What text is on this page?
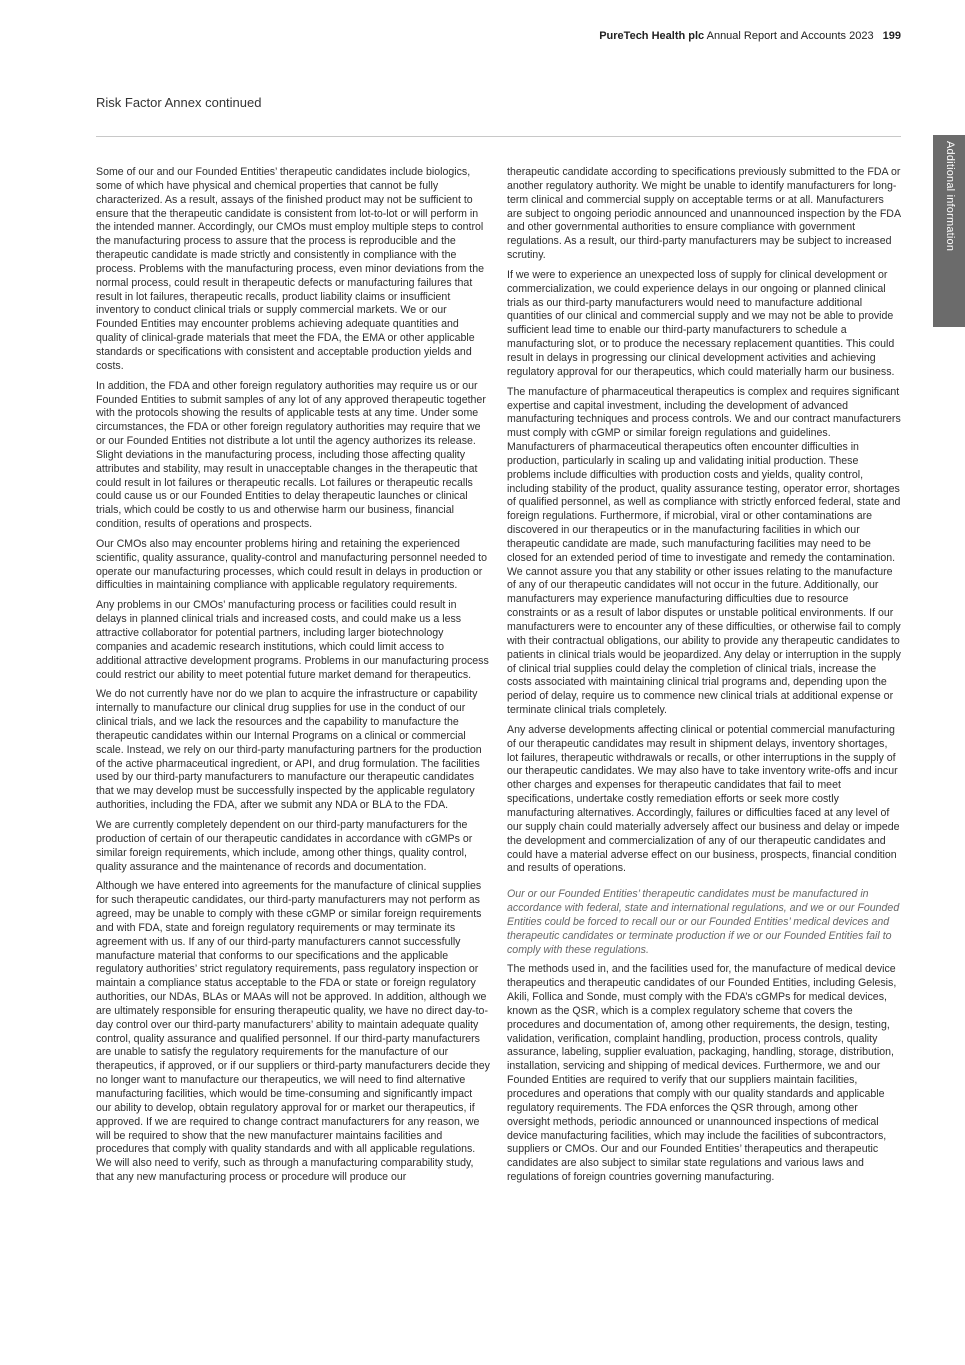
PureTech Health plc Annual Report and Accounts 2023 199
Risk Factor Annex continued
Additional information

Some of our and our Founded Entities’ therapeutic candidates include biologics, some of which have physical and chemical properties that cannot be fully characterized. As a result, assays of the finished product may not be sufficient to ensure that the therapeutic candidate is consistent from lot-to-lot or will perform in the intended manner. Accordingly, our CMOs must employ multiple steps to control the manufacturing process to assure that the process is reproducible and the therapeutic candidate is made strictly and consistently in compliance with the process. Problems with the manufacturing process, even minor deviations from the normal process, could result in therapeutic defects or manufacturing failures that result in lot failures, therapeutic recalls, product liability claims or insufficient inventory to conduct clinical trials or supply commercial markets. We or our Founded Entities may encounter problems achieving adequate quantities and quality of clinical-grade materials that meet the FDA, the EMA or other applicable standards or specifications with consistent and acceptable production yields and costs.

In addition, the FDA and other foreign regulatory authorities may require us or our Founded Entities to submit samples of any lot of any approved therapeutic together with the protocols showing the results of applicable tests at any time. Under some circumstances, the FDA or other foreign regulatory authorities may require that we or our Founded Entities not distribute a lot until the agency authorizes its release. Slight deviations in the manufacturing process, including those affecting quality attributes and stability, may result in unacceptable changes in the therapeutic that could result in lot failures or therapeutic recalls. Lot failures or therapeutic recalls could cause us or our Founded Entities to delay therapeutic launches or clinical trials, which could be costly to us and otherwise harm our business, financial condition, results of operations and prospects.

Our CMOs also may encounter problems hiring and retaining the experienced scientific, quality assurance, quality-control and manufacturing personnel needed to operate our manufacturing processes, which could result in delays in production or difficulties in maintaining compliance with applicable regulatory requirements.

Any problems in our CMOs’ manufacturing process or facilities could result in delays in planned clinical trials and increased costs, and could make us a less attractive collaborator for potential partners, including larger biotechnology companies and academic research institutions, which could limit access to additional attractive development programs. Problems in our manufacturing process could restrict our ability to meet potential future market demand for therapeutics.

We do not currently have nor do we plan to acquire the infrastructure or capability internally to manufacture our clinical drug supplies for use in the conduct of our clinical trials, and we lack the resources and the capability to manufacture the therapeutic candidates within our Internal Programs on a clinical or commercial scale. Instead, we rely on our third-party manufacturing partners for the production of the active pharmaceutical ingredient, or API, and drug formulation. The facilities used by our third-party manufacturers to manufacture our therapeutic candidates that we may develop must be successfully inspected by the applicable regulatory authorities, including the FDA, after we submit any NDA or BLA to the FDA.

We are currently completely dependent on our third-party manufacturers for the production of certain of our therapeutic candidates in accordance with cGMPs or similar foreign requirements, which include, among other things, quality control, quality assurance and the maintenance of records and documentation.

Although we have entered into agreements for the manufacture of clinical supplies for such therapeutic candidates, our third-party manufacturers may not perform as agreed, may be unable to comply with these cGMP or similar foreign requirements and with FDA, state and foreign regulatory requirements or may terminate its agreement with us. If any of our third-party manufacturers cannot successfully manufacture material that conforms to our specifications and the applicable regulatory authorities’ strict regulatory requirements, pass regulatory inspection or maintain a compliance status acceptable to the FDA or state or foreign regulatory authorities, our NDAs, BLAs or MAAs will not be approved. In addition, although we are ultimately responsible for ensuring therapeutic quality, we have no direct day-to-day control over our third-party manufacturers’ ability to maintain adequate quality control, quality assurance and qualified personnel. If our third-party manufacturers are unable to satisfy the regulatory requirements for the manufacture of our therapeutics, if approved, or if our suppliers or third-party manufacturers decide they no longer want to manufacture our therapeutics, we will need to find alternative manufacturing facilities, which would be time-consuming and significantly impact our ability to develop, obtain regulatory approval for or market our therapeutics, if approved. If we are required to change contract manufacturers for any reason, we will be required to show that the new manufacturer maintains facilities and procedures that comply with quality standards and with all applicable regulations. We will also need to verify, such as through a manufacturing comparability study, that any new manufacturing process or procedure will produce our

therapeutic candidate according to specifications previously submitted to the FDA or another regulatory authority. We might be unable to identify manufacturers for long-term clinical and commercial supply on acceptable terms or at all. Manufacturers are subject to ongoing periodic announced and unannounced inspection by the FDA and other governmental authorities to ensure compliance with government regulations. As a result, our third-party manufacturers may be subject to increased scrutiny.

If we were to experience an unexpected loss of supply for clinical development or commercialization, we could experience delays in our ongoing or planned clinical trials as our third-party manufacturers would need to manufacture additional quantities of our clinical and commercial supply and we may not be able to provide sufficient lead time to enable our third-party manufacturers to schedule a manufacturing slot, or to produce the necessary replacement quantities. This could result in delays in progressing our clinical development activities and achieving regulatory approval for our therapeutics, which could materially harm our business.

The manufacture of pharmaceutical therapeutics is complex and requires significant expertise and capital investment, including the development of advanced manufacturing techniques and process controls. We and our contract manufacturers must comply with cGMP or similar foreign regulations and guidelines. Manufacturers of pharmaceutical therapeutics often encounter difficulties in production, particularly in scaling up and validating initial production. These problems include difficulties with production costs and yields, quality control, including stability of the product, quality assurance testing, operator error, shortages of qualified personnel, as well as compliance with strictly enforced federal, state and foreign regulations. Furthermore, if microbial, viral or other contaminations are discovered in our therapeutics or in the manufacturing facilities in which our therapeutic candidate are made, such manufacturing facilities may need to be closed for an extended period of time to investigate and remedy the contamination. We cannot assure you that any stability or other issues relating to the manufacture of any of our therapeutic candidates will not occur in the future. Additionally, our manufacturers may experience manufacturing difficulties due to resource constraints or as a result of labor disputes or unstable political environments. If our manufacturers were to encounter any of these difficulties, or otherwise fail to comply with their contractual obligations, our ability to provide any therapeutic candidates to patients in clinical trials would be jeopardized. Any delay or interruption in the supply of clinical trial supplies could delay the completion of clinical trials, increase the costs associated with maintaining clinical trial programs and, depending upon the period of delay, require us to commence new clinical trials at additional expense or terminate clinical trials completely.

Any adverse developments affecting clinical or potential commercial manufacturing of our therapeutic candidates may result in shipment delays, inventory shortages, lot failures, therapeutic withdrawals or recalls, or other interruptions in the supply of our therapeutic candidates. We may also have to take inventory write-offs and incur other charges and expenses for therapeutic candidates that fail to meet specifications, undertake costly remediation efforts or seek more costly manufacturing alternatives. Accordingly, failures or difficulties faced at any level of our supply chain could materially adversely affect our business and delay or impede the development and commercialization of any of our therapeutic candidates and could have a material adverse effect on our business, prospects, financial condition and results of operations.

Our or our Founded Entities’ therapeutic candidates must be manufactured in accordance with federal, state and international regulations, and we or our Founded Entities could be forced to recall our or our Founded Entities’ medical devices and therapeutic candidates or terminate production if we or our Founded Entities fail to comply with these regulations.

The methods used in, and the facilities used for, the manufacture of medical device therapeutics and therapeutic candidates of our Founded Entities, including Gelesis, Akili, Follica and Sonde, must comply with the FDA’s cGMPs for medical devices, known as the QSR, which is a complex regulatory scheme that covers the procedures and documentation of, among other requirements, the design, testing, validation, verification, complaint handling, production, process controls, quality assurance, labeling, supplier evaluation, packaging, handling, storage, distribution, installation, servicing and shipping of medical devices. Furthermore, we and our Founded Entities are required to verify that our suppliers maintain facilities, procedures and operations that comply with our quality standards and applicable regulatory requirements. The FDA enforces the QSR through, among other oversight methods, periodic announced or unannounced inspections of medical device manufacturing facilities, which may include the facilities of subcontractors, suppliers or CMOs. Our and our Founded Entities’ therapeutics and therapeutic candidates are also subject to similar state regulations and various laws and regulations of foreign countries governing manufacturing.
